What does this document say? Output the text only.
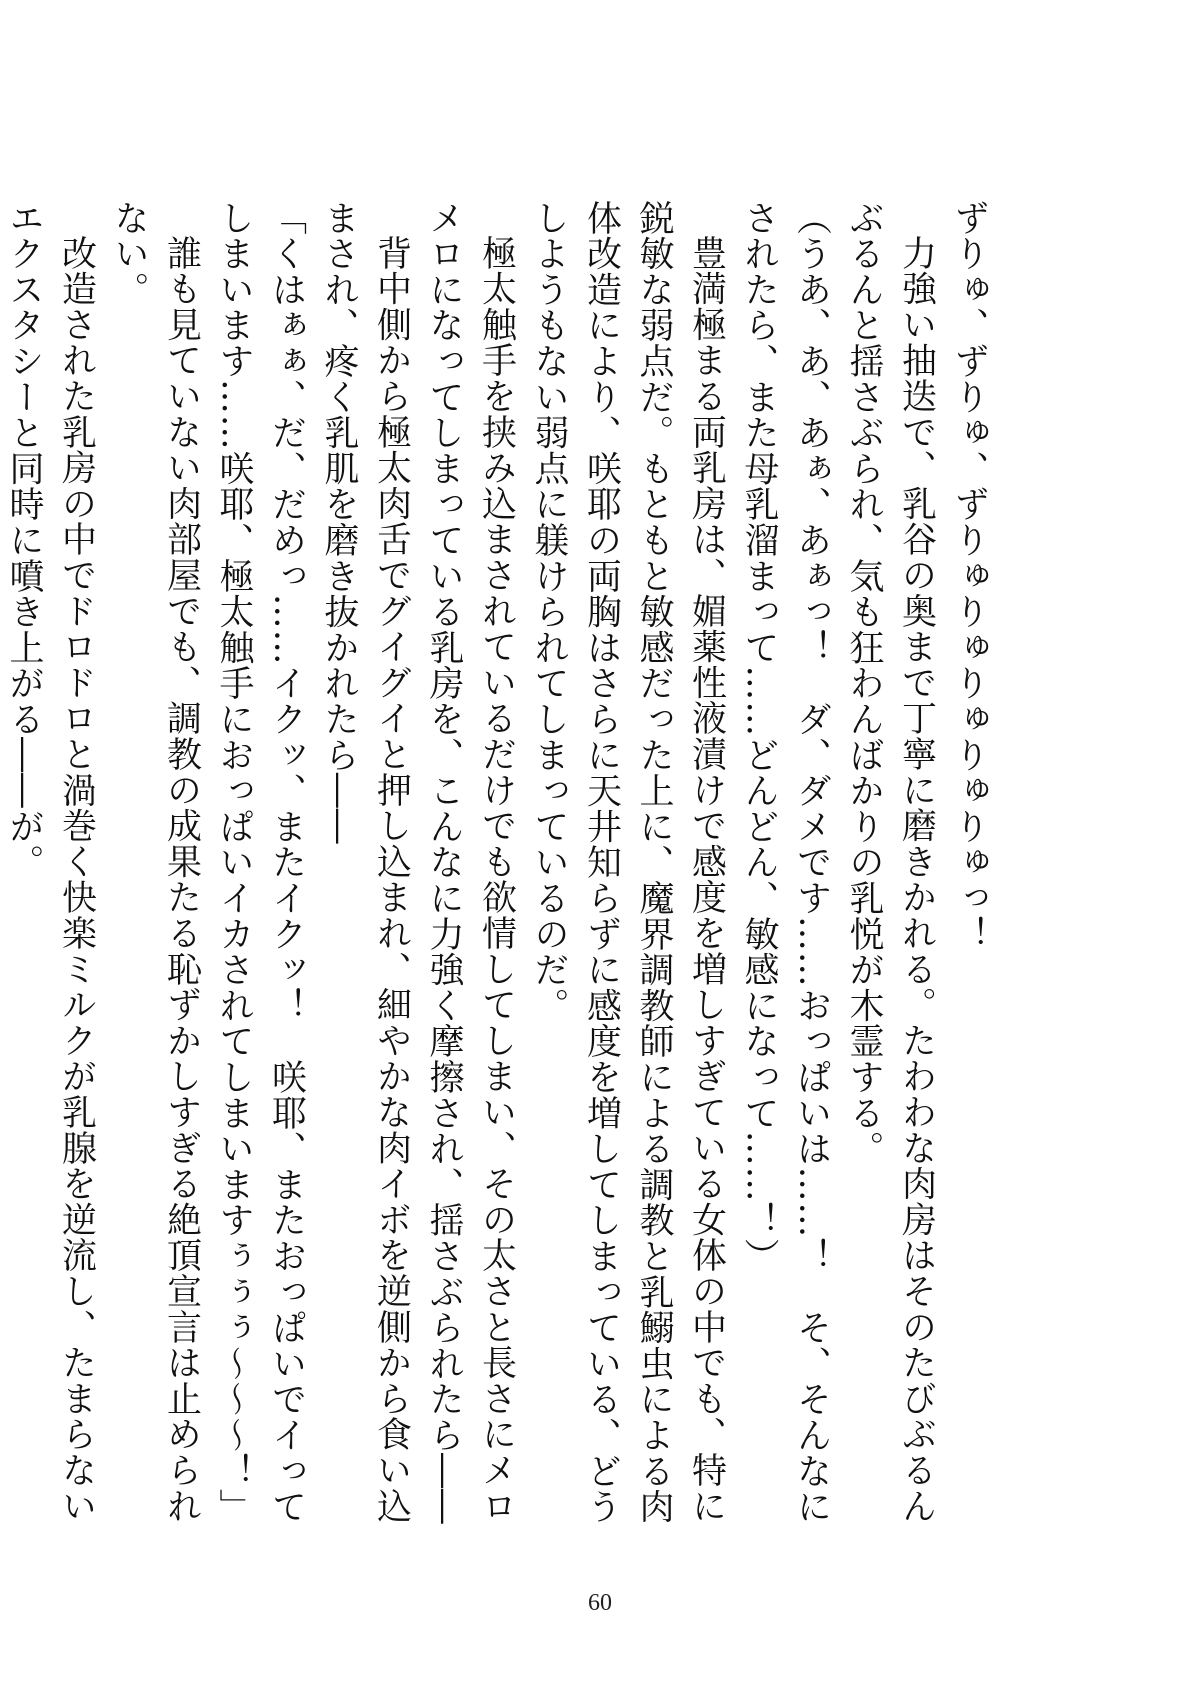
ずりゅ、ずりゅ、ずりゅりゅりゅりゅりゅっ！

力強い抽迭で、乳谷の奥まで丁寧に磨きかれる。たわわな肉房はそのたびぶるんぶるんと揺さぶられ、気も狂わんばかりの乳悦が木霊する。

（うあ、あ、あぁ、あぁっ！　ダ、ダメです……おっぱいは……！　そ、そんなにされたら、また母乳溜まって……どんどん、敏感になって……！）

豊満極まる両乳房は、媚薬性液漬けで感度を増しすぎている女体の中でも、特に鋭敏な弱点だ。もともと敏感だった上に、魔界調教師による調教と乳鰯虫による肉体改造により、咲耶の両胸はさらに天井知らずに感度を増してしまっている、どうしようもない弱点に躾けられてしまっているのだ。

極太触手を挟み込まされているだけでも欲情してしまい、その太さと長さにメロメロになってしまっている乳房を、こんなに力強く摩擦され、揺さぶられたら――

背中側から極太肉舌でグイグイと押し込まれ、細やかな肉イボを逆側から食い込まされ、疼く乳肌を磨き抜かれたら――

「くはぁぁ、だ、だめっ……イクッ、またイクッ！　咲耶、またおっぱいでイってしまいます……咲耶、極太触手におっぱいイカされてしまいますぅぅぅ～～～！」

誰も見ていない肉部屋でも、調教の成果たる恥ずかしすぎる絶頂宣言は止められない。

改造された乳房の中でドロドロと渦巻く快楽ミルクが乳腺を逆流し、たまらないエクスタシーと同時に噴き上がる――が。

60
